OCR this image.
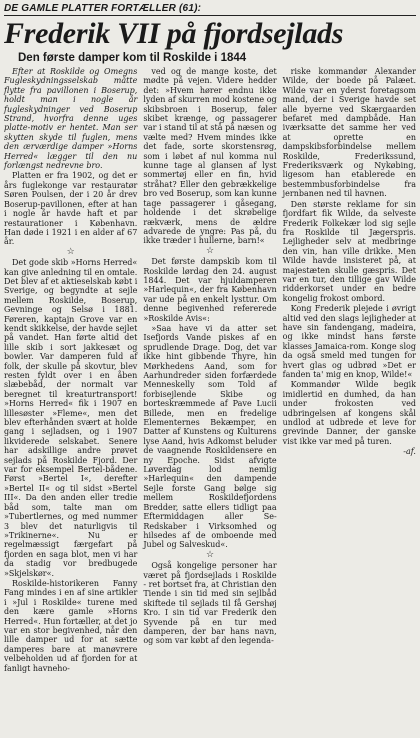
DE GAMLE PLATTER FORTÆLLER (61):
Frederik VII på fjordsejlads
Den første damper kom til Roskilde i 1844

Efter at Roskilde og Omegns Fugleskydningsselskab måtte flytte fra pavillonen i Boserup, holdt man i nogle år fugleskydninger ved Boserup Strand, hvorfra denne uges platte-motiv er hentet. Man ser skytten skyde til fuglen, mens den ærværdige damper »Horns Herred« lægger til den nu forlængst nedrevne bro.

Platten er fra 1902, og det er års fuglekonge var restauratør Søren Poulsen, der i 20 år drev Boserup-pavillonen, efter at han i nogle år havde haft et par restaurationer i København. Han døde i 1921 i en alder af 67 år.

☆

Det gode skib »Horns Herred« kan give anledning til en omtale. Det blev af et aktieselskab købt i Sverige, og begyndte at sejle mellem Roskilde, Boserup, Gevninge og Selsø i 1881. Føreren, kaptajn Grove var en kendt skikkelse, der havde sejlet på vandet. Han førte altid det lille skib i sort jakkesæt og bowler. Var damperen fuld af folk, der skulle på skovtur, blev resten fyldt over i en åben slæbebåd, der normalt var beregnet til kreaturtransport! »Horns Herred« fik i 1907 en lillesøster »Fleme«, men det blev efterhånden svært at holde gang i sejladsen, og i 1907 likviderede selskabet. Senere har adskillige andre prøvet sejlads på Roskilde Fjord. Der var for eksempel Bertel-bådene. Først »Bertel I«, derefter »Bertel II« og til sidst »Bertel III«. Da den anden eller tredie båd som, talte man om »Tubertlernes, og med nummer 3 blev det naturligvis til »Trikinerne«. Nu er regelmæssigt færgefart på fjorden en saga blot, men vi har da stadig vor bredbugede »Skjelskør«.

Roskilde-historikeren Fanny Fang mindes i en af sine artikler i »Jul i Roskilde« turene med den kære gamle »Horns Herred«. Hun fortæller, at det jo var en stor begivenhed, når den lille damper ud for at sætte damperes bare at manøvrere velbeholden ud af fjorden for at fanligt havneho-

ved og de mange koste, det mødte på vejen. Videre hedder det: »Hvem hører endnu ikke lyden af skurren mod kostene og skibsbroen i Boserup, føler skibet krænge, og passagerer var i stand til at stå på næsen og vælte med? Hvem mindes ikke det fade, sorte skorstensrøg, som i løbet af nul komma nul kunne tage al glansen af lyst sommertøj eller en fin, hvid stråhat? Eller den gebrækkelige bro ved Boserup, som kan kunne tage passagerer i gåsegang, holdende i det skrøbelige rækværk, mens de ældre advarede de yngre: Pas på, du ikke træder i hullerne, barn!«

☆

Det første dampskib kom til Roskilde lørdag den 24. august 1844. Det var hjuldamperen »Harlequin«, der fra København var ude på en enkelt lysttur. Om denne begivenhed refererede »Roskilde Avis«:

»Saa have vi da atter set Isefjords Vande piskes af en sprudlende Drage. Dog, det var ikke hint gibbende Thyre, hin Mørkhedens Aand, som for Aarhundreder siden forfærdede Menneskelly som Told af forbisejlende Skibe og borteskræmmede af Pave Lucii Billede, men en fredelige Elementernes Bekæmper, en Datter af Kunstens og Kulturens lyse Aand, hvis Adkomst beluder de vaagnende Roskildensere en ny Epoche. Sidst afvigte Løverdag lod nemlig »Harlequin« den dampende Sejle forste Gang bølge sig mellem Roskildefjordens Bredder, satte ellers tidligt paa Eftermiddagen aller Se-Redskaber i Virksomhed og hilsedes af de omboende med Jubel og Salveskud«.

☆

Også kongelige personer har været på fjordsejlads i Roskilde - ret bortset fra, at Christian den Tiende i sin tid med sin sejlbåd skiftede til sejlads til få Gershøj Kro. I sin tid var Frederik den Syvende på en tur med damperen, der bar hans navn, og som var købt af den legenda-

riske kommandør Alexander Wilde, der boede på Palæet. Wilde var en yderst foretagsom mand, der i Sverige havde set alle byerne ved Skærgaarden befaret med dampbåde. Han iværksatte det samme her ved at oprette en dampskibsforbindelse mellem Roskilde, Frederikssund, Frederiksværk og Nykøbing, ligesom han etablerede en bestemmbusforbindelse fra jernbanen ned til havnen.

Den største reklame for sin fjordfart fik Wilde, da selveste Frederik Folkekær lod sig sejle fra Roskilde til Jægerspris. Lejligheder selv at medbringe den vin, han ville drikke. Men Wilde havde insisteret på, at majestæten skulle gæspris. Det var en tur, den tillige gav Wilde ridderkorset under en bedre kongelig frokost ombord.

Kong Frederik plejede i øvrigt altid ved den slags lejligheder at have sin fandengang, madeira, og ikke mindst hans første klasses Jamaica-rom. Konge slog da også smeld med tungen for hvert glas og udbrød »Det er fanden ta' mig en knop, Wilde!«

Kommandør Wilde begik imidlertid en dumhed, da han under frokosten ved udbringelsen af kongens skål undlod at udbrede et leve for grevinde Danner, der ganske vist ikke var med på turen.

-af.
